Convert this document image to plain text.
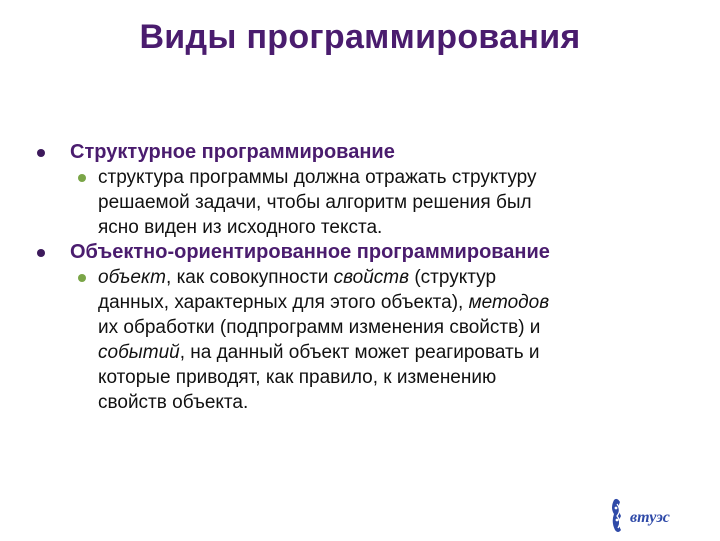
Виды программирования
Структурное программирование
структура программы должна отражать структуру
решаемой задачи, чтобы алгоритм решения был
ясно виден из исходного текста.
Объектно-ориентированное программирование
объект, как совокупности свойств (структур
данных, характерных для этого объекта), методов
их обработки (подпрограмм изменения свойств) и
событий, на данный объект может реагировать и
которые приводят, как правило, к изменению
свойств объекта.
втуэс
